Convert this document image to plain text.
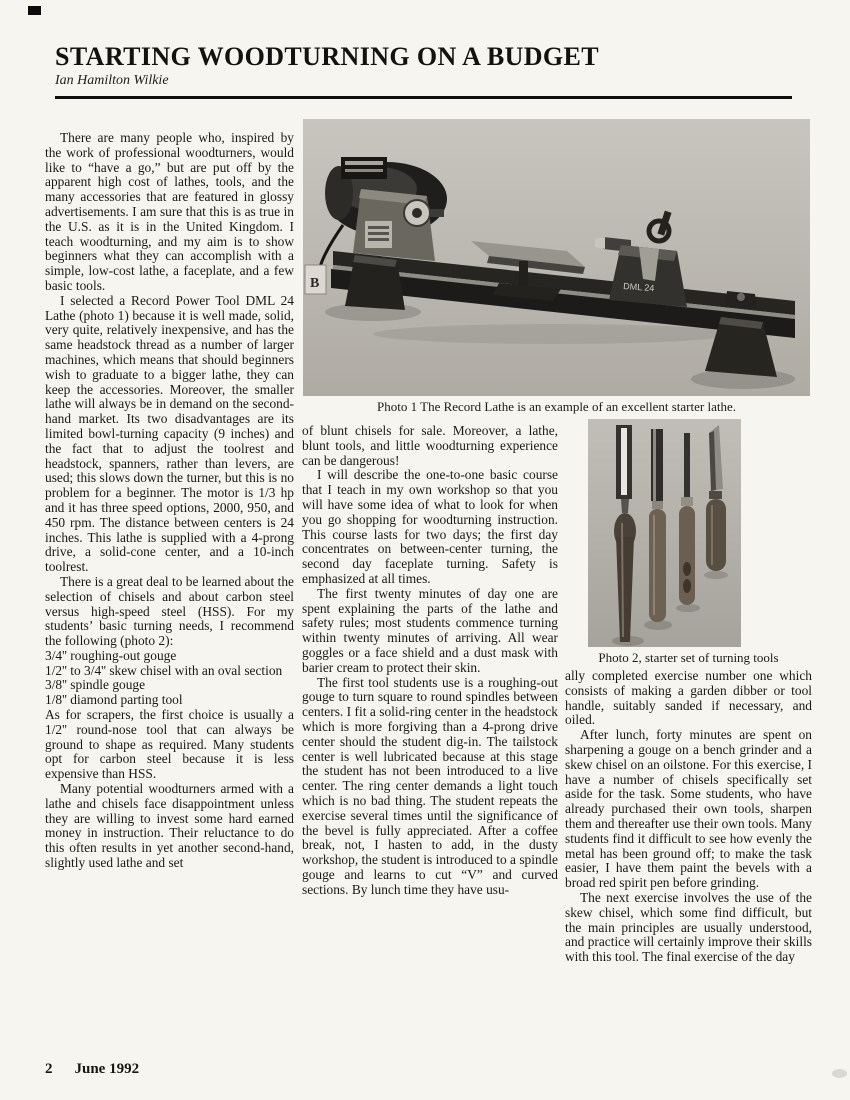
STARTING WOODTURNING ON A BUDGET

Ian Hamilton Wilkie

B	DML 24
Photo 1 The Record Lathe is an example of an excellent starter lathe.
Photo 2, starter set of turning tools

There are many people who, inspired by the work of professional woodturners, would like to “have a go,” but are put off by the apparent high cost of lathes, tools, and the many accessories that are featured in glossy advertisements. I am sure that this is as true in the U.S. as it is in the United Kingdom. I teach woodturning, and my aim is to show beginners what they can accomplish with a simple, low-cost lathe, a faceplate, and a few basic tools.

I selected a Record Power Tool DML 24 Lathe (photo 1) because it is well made, solid, very quite, relatively inexpensive, and has the same headstock thread as a number of larger machines, which means that should beginners wish to graduate to a bigger lathe, they can keep the accessories. Moreover, the smaller lathe will always be in demand on the second-hand market. Its two disadvantages are its limited bowl-turning capacity (9 inches) and the fact that to adjust the toolrest and headstock, spanners, rather than levers, are used; this slows down the turner, but this is no problem for a beginner. The motor is 1/3 hp and it has three speed options, 2000, 950, and 450 rpm. The distance between centers is 24 inches. This lathe is supplied with a 4-prong drive, a solid-cone center, and a 10-inch toolrest.

There is a great deal to be learned about the selection of chisels and about carbon steel versus high-speed steel (HSS). For my students’ basic turning needs, I recommend the following (photo 2):

3/4'' roughing-out gouge

1/2'' to 3/4'' skew chisel with an oval section

3/8'' spindle gouge

1/8'' diamond parting tool

As for scrapers, the first choice is usually a 1/2'' round-nose tool that can always be ground to shape as required. Many students opt for carbon steel because it is less expensive than HSS.

Many potential woodturners armed with a lathe and chisels face disappointment unless they are willing to invest some hard earned money in instruction. Their reluctance to do this often results in yet another second-hand, slightly used lathe and set

of blunt chisels for sale. Moreover, a lathe, blunt tools, and little woodturning experience can be dangerous!

I will describe the one-to-one basic course that I teach in my own workshop so that you will have some idea of what to look for when you go shopping for woodturning instruction. This course lasts for two days; the first day concentrates on between-center turning, the second day faceplate turning. Safety is emphasized at all times.

The first twenty minutes of day one are spent explaining the parts of the lathe and safety rules; most students commence turning within twenty minutes of arriving. All wear goggles or a face shield and a dust mask with barier cream to protect their skin.

The first tool students use is a roughing-out gouge to turn square to round spindles between centers. I fit a solid-ring center in the headstock which is more forgiving than a 4-prong drive center should the student dig-in. The tailstock center is well lubricated because at this stage the student has not been introduced to a live center. The ring center demands a light touch which is no bad thing. The student repeats the exercise several times until the significance of the bevel is fully appreciated. After a coffee break, not, I hasten to add, in the dusty workshop, the student is introduced to a spindle gouge and learns to cut “V” and curved sections. By lunch time they have usu-

ally completed exercise number one which consists of making a garden dibber or tool handle, suitably sanded if necessary, and oiled.

After lunch, forty minutes are spent on sharpening a gouge on a bench grinder and a skew chisel on an oilstone. For this exercise, I have a number of chisels specifically set aside for the task. Some students, who have already purchased their own tools, sharpen them and thereafter use their own tools. Many students find it difficult to see how evenly the metal has been ground off; to make the task easier, I have them paint the bevels with a broad red spirit pen before grinding.

The next exercise involves the use of the skew chisel, which some find difficult, but the main principles are usually understood, and practice will certainly improve their skills with this tool. The final exercise of the day

2 June 1992
